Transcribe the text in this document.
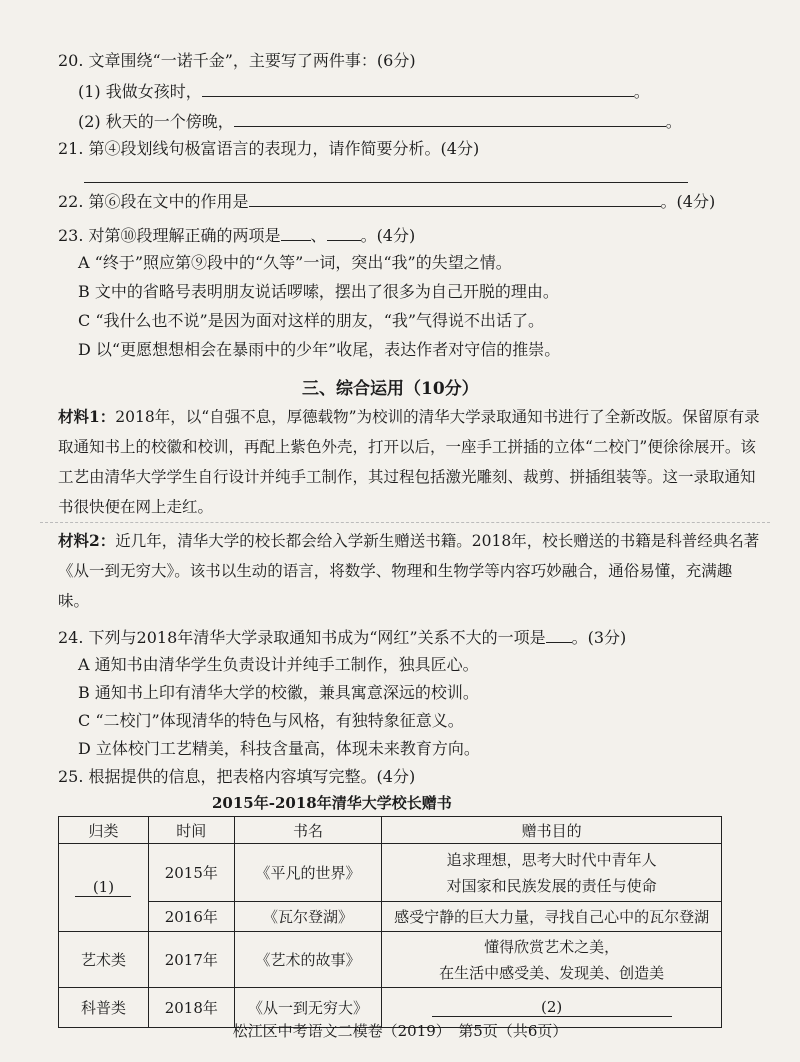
20. 文章围绕“一诺千金”，主要写了两件事：(6分)
(1) 我做女孩时，	。
(2) 秋天的一个傍晚，	。
21. 第④段划线句极富语言的表现力，请作简要分析。(4分)
22. 第⑥段在文中的作用是	。(4分)
23. 对第⑩段理解正确的两项是 、 。(4分)
A “终于”照应第⑨段中的“久等”一词，突出“我”的失望之情。
B 文中的省略号表明朋友说话啰嗦，摆出了很多为自己开脱的理由。
C “我什么也不说”是因为面对这样的朋友，“我”气得说不出话了。
D 以“更愿想想相会在暴雨中的少年”收尾，表达作者对守信的推崇。
三、综合运用（10分）
材料1：2018年，以“自强不息，厚德载物”为校训的清华大学录取通知书进行了全新改版。保留原有录取通知书上的校徽和校训，再配上紫色外壳，打开以后，一座手工拼插的立体“二校门”便徐徐展开。该工艺由清华大学学生自行设计并纯手工制作，其过程包括激光雕刻、裁剪、拼插组装等。这一录取通知书很快便在网上走红。
材料2：近几年，清华大学的校长都会给入学新生赠送书籍。2018年，校长赠送的书籍是科普经典名著《从一到无穷大》。该书以生动的语言，将数学、物理和生物学等内容巧妙融合，通俗易懂，充满趣味。
24. 下列与2018年清华大学录取通知书成为“网红”关系不大的一项是 。(3分)
A 通知书由清华学生负责设计并纯手工制作，独具匠心。
B 通知书上印有清华大学的校徽，兼具寓意深远的校训。
C “二校门”体现清华的特色与风格，有独特象征意义。
D 立体校门工艺精美，科技含量高，体现未来教育方向。
25. 根据提供的信息，把表格内容填写完整。(4分)
2015年-2018年清华大学校长赠书
归类	时间	书名	赠书目的
(1)	2015年	《平凡的世界》	追求理想，思考大时代中青年人
对国家和民族发展的责任与使命

	2016年	《瓦尔登湖》	感受宁静的巨大力量，寻找自己心中的瓦尔登湖
艺术类	2017年	《艺术的故事》	懂得欣赏艺术之美，
在生活中感受美、发现美、创造美

科普类	2018年	《从一到无穷大》	(2)
松江区中考语文二模卷（2019）　第5页（共6页）
